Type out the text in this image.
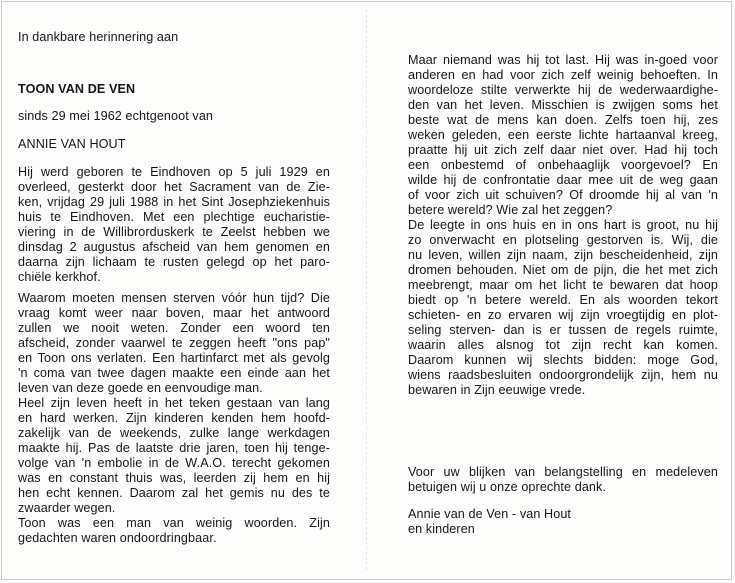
In dankbare herinnering aan
TOON VAN DE VEN
sinds 29 mei 1962 echtgenoot van
ANNIE VAN HOUT
Hij werd geboren te Eindhoven op 5 juli 1929 en
overleed, gesterkt door het Sacrament van de Zie-
ken, vrijdag 29 juli 1988 in het Sint Josephziekenhuis
huis te Eindhoven. Met een plechtige eucharistie-
viering in de Willibrorduskerk te Zeelst hebben we
dinsdag 2 augustus afscheid van hem genomen en
daarna zijn lichaam te rusten gelegd op het paro-
chiële kerkhof.
Waarom moeten mensen sterven vóór hun tijd? Die
vraag komt weer naar boven, maar het antwoord
zullen we nooit weten. Zonder een woord ten
afscheid, zonder vaarwel te zeggen heeft "ons pap"
en Toon ons verlaten. Een hartinfarct met als gevolg
'n coma van twee dagen maakte een einde aan het
leven van deze goede en eenvoudige man.
Heel zijn leven heeft in het teken gestaan van lang
en hard werken. Zijn kinderen kenden hem hoofd-
zakelijk van de weekends, zulke lange werkdagen
maakte hij. Pas de laatste drie jaren, toen hij tenge-
volge van 'n embolie in de W.A.O. terecht gekomen
was en constant thuis was, leerden zij hem en hij
hen echt kennen. Daarom zal het gemis nu des te
zwaarder wegen.
Toon was een man van weinig woorden. Zijn
gedachten waren ondoordringbaar.
Maar niemand was hij tot last. Hij was in-goed voor
anderen en had voor zich zelf weinig behoeften. In
woordeloze stilte verwerkte hij de wederwaardighe-
den van het leven. Misschien is zwijgen soms het
beste wat de mens kan doen. Zelfs toen hij, zes
weken geleden, een eerste lichte hartaanval kreeg,
praatte hij uit zich zelf daar niet over. Had hij toch
een onbestemd of onbehaaglijk voorgevoel? En
wilde hij de confrontatie daar mee uit de weg gaan
of voor zich uit schuiven? Of droomde hij al van 'n
betere wereld? Wie zal het zeggen?
De leegte in ons huis en in ons hart is groot, nu hij
zo onverwacht en plotseling gestorven is. Wij, die
nu leven, willen zijn naam, zijn bescheidenheid, zijn
dromen behouden. Niet om de pijn, die het met zich
meebrengt, maar om het licht te bewaren dat hoop
biedt op 'n betere wereld. En als woorden tekort
schieten- en zo ervaren wij zijn vroegtijdig en plot-
seling sterven- dan is er tussen de regels ruimte,
waarin alles alsnog tot zijn recht kan komen.
Daarom kunnen wij slechts bidden: moge God,
wiens raadsbesluiten ondoorgrondelijk zijn, hem nu
bewaren in Zijn eeuwige vrede.
Voor uw blijken van belangstelling en medeleven
betuigen wij u onze oprechte dank.
Annie van de Ven - van Hout
en kinderen
